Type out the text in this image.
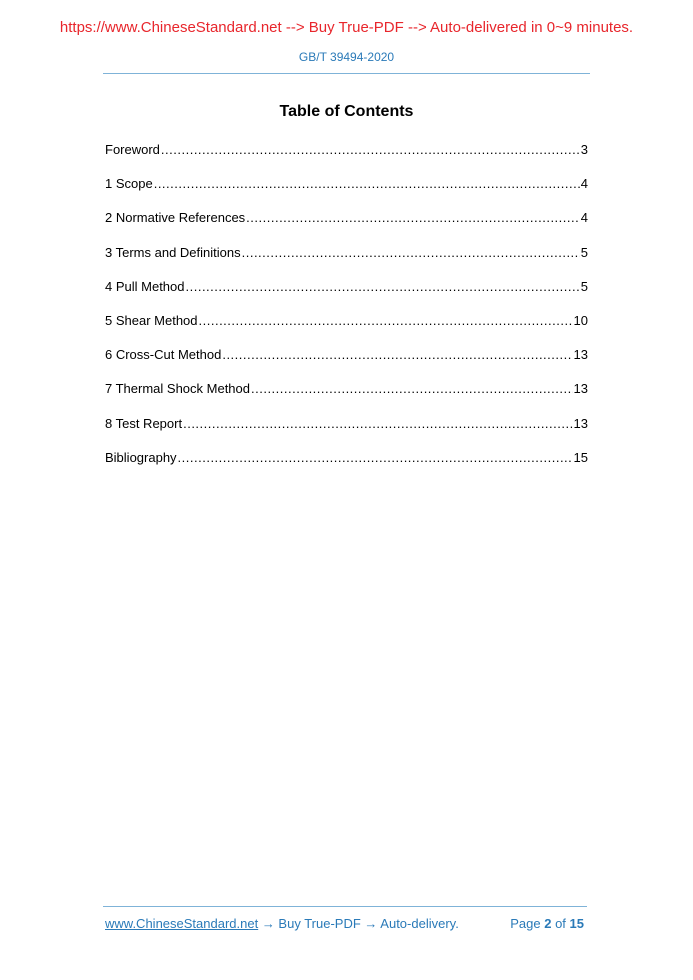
https://www.ChineseStandard.net --> Buy True-PDF --> Auto-delivered in 0~9 minutes.
GB/T 39494-2020
Table of Contents
Foreword .....	3
1 Scope .....	4
2 Normative References .....	4
3 Terms and Definitions .....	5
4 Pull Method .....	5
5 Shear Method .....	10
6 Cross-Cut Method .....	13
7 Thermal Shock Method .....	13
8 Test Report .....	13
Bibliography .....	15
www.ChineseStandard.net → Buy True-PDF → Auto-delivery.	Page 2 of 15
